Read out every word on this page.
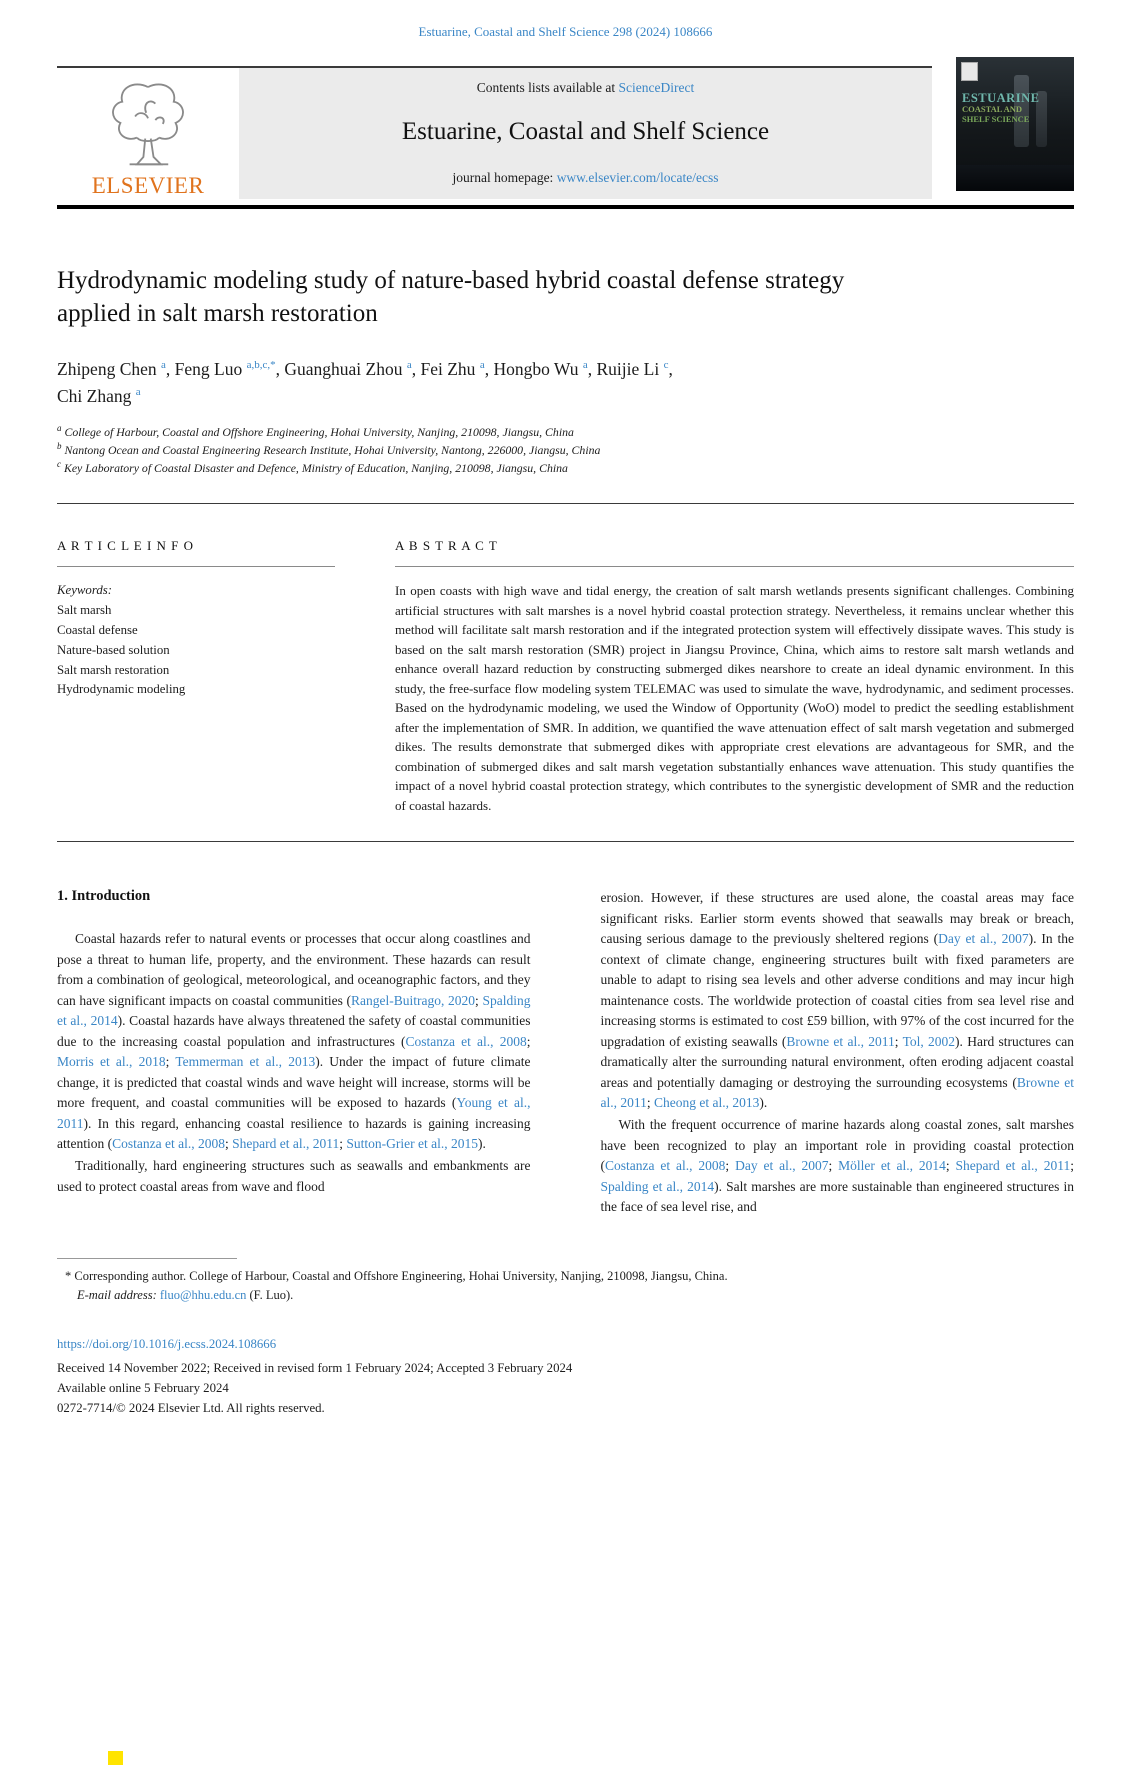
Estuarine, Coastal and Shelf Science 298 (2024) 108666
ELSEVIER
Contents lists available at ScienceDirect
Estuarine, Coastal and Shelf Science
journal homepage: www.elsevier.com/locate/ecss
ESTUARINE
COASTAL AND
SHELF SCIENCE
Hydrodynamic modeling study of nature-based hybrid coastal defense strategy applied in salt marsh restoration
Zhipeng Chen $^a$, Feng Luo $^{a,b,c,*}$, Guanghuai Zhou $^a$, Fei Zhu $^a$, Hongbo Wu $^a$, Ruijie Li $^c$,
Chi Zhang $^a$
$^a$ College of Harbour, Coastal and Offshore Engineering, Hohai University, Nanjing, 210098, Jiangsu, China
$^b$ Nantong Ocean and Coastal Engineering Research Institute, Hohai University, Nantong, 226000, Jiangsu, China
$^c$ Key Laboratory of Coastal Disaster and Defence, Ministry of Education, Nanjing, 210098, Jiangsu, China
A R T I C L E I N F O
Keywords:
Salt marsh
Coastal defense
Nature-based solution
Salt marsh restoration
Hydrodynamic modeling
A B S T R A C T
In open coasts with high wave and tidal energy, the creation of salt marsh wetlands presents significant challenges. Combining artificial structures with salt marshes is a novel hybrid coastal protection strategy. Nevertheless, it remains unclear whether this method will facilitate salt marsh restoration and if the integrated protection system will effectively dissipate waves. This study is based on the salt marsh restoration (SMR) project in Jiangsu Province, China, which aims to restore salt marsh wetlands and enhance overall hazard reduction by constructing submerged dikes nearshore to create an ideal dynamic environment. In this study, the free-surface flow modeling system TELEMAC was used to simulate the wave, hydrodynamic, and sediment processes. Based on the hydrodynamic modeling, we used the Window of Opportunity (WoO) model to predict the seedling establishment after the implementation of SMR. In addition, we quantified the wave attenuation effect of salt marsh vegetation and submerged dikes. The results demonstrate that submerged dikes with appropriate crest elevations are advantageous for SMR, and the combination of submerged dikes and salt marsh vegetation substantially enhances wave attenuation. This study quantifies the impact of a novel hybrid coastal protection strategy, which contributes to the synergistic development of SMR and the reduction of coastal hazards.
1. Introduction

Coastal hazards refer to natural events or processes that occur along coastlines and pose a threat to human life, property, and the environment. These hazards can result from a combination of geological, meteorological, and oceanographic factors, and they can have significant impacts on coastal communities (Rangel-Buitrago, 2020; Spalding et al., 2014). Coastal hazards have always threatened the safety of coastal communities due to the increasing coastal population and infrastructures (Costanza et al., 2008; Morris et al., 2018; Temmerman et al., 2013). Under the impact of future climate change, it is predicted that coastal winds and wave height will increase, storms will be more frequent, and coastal communities will be exposed to hazards (Young et al., 2011). In this regard, enhancing coastal resilience to hazards is gaining increasing attention (Costanza et al., 2008; Shepard et al., 2011; Sutton-Grier et al., 2015).

Traditionally, hard engineering structures such as seawalls and embankments are used to protect coastal areas from wave and flood

erosion. However, if these structures are used alone, the coastal areas may face significant risks. Earlier storm events showed that seawalls may break or breach, causing serious damage to the previously sheltered regions (Day et al., 2007). In the context of climate change, engineering structures built with fixed parameters are unable to adapt to rising sea levels and other adverse conditions and may incur high maintenance costs. The worldwide protection of coastal cities from sea level rise and increasing storms is estimated to cost £59 billion, with 97% of the cost incurred for the upgradation of existing seawalls (Browne et al., 2011; Tol, 2002). Hard structures can dramatically alter the surrounding natural environment, often eroding adjacent coastal areas and potentially damaging or destroying the surrounding ecosystems (Browne et al., 2011; Cheong et al., 2013).

With the frequent occurrence of marine hazards along coastal zones, salt marshes have been recognized to play an important role in providing coastal protection (Costanza et al., 2008; Day et al., 2007; Möller et al., 2014; Shepard et al., 2011; Spalding et al., 2014). Salt marshes are more sustainable than engineered structures in the face of sea level rise, and

* Corresponding author. College of Harbour, Coastal and Offshore Engineering, Hohai University, Nanjing, 210098, Jiangsu, China.
E-mail address: fluo@hhu.edu.cn (F. Luo).
https://doi.org/10.1016/j.ecss.2024.108666
Received 14 November 2022; Received in revised form 1 February 2024; Accepted 3 February 2024
Available online 5 February 2024
0272-7714/© 2024 Elsevier Ltd. All rights reserved.
